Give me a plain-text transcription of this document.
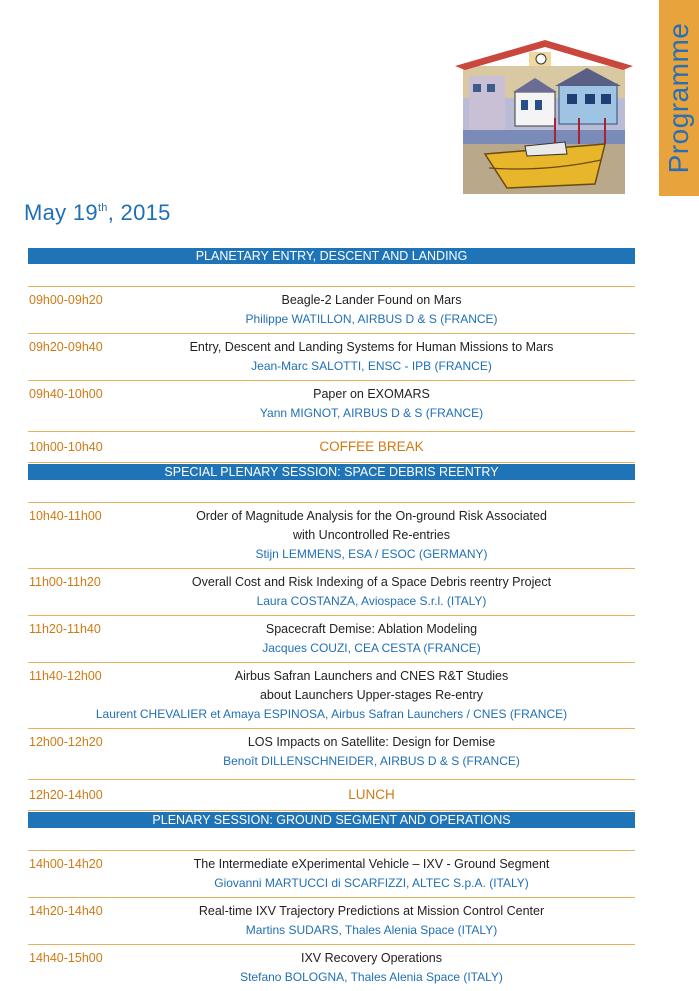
Programme
May 19th, 2015
PLANETARY ENTRY, DESCENT AND LANDING
09h00-09h20	Beagle-2 Lander Found on Mars
Philippe WATILLON, AIRBUS D & S (FRANCE)
09h20-09h40	Entry, Descent and Landing Systems for Human Missions to Mars
Jean-Marc SALOTTI, ENSC - IPB (FRANCE)
09h40-10h00	Paper on EXOMARS
Yann MIGNOT, AIRBUS D & S (FRANCE)
10h00-10h40	COFFEE BREAK
SPECIAL PLENARY SESSION: SPACE DEBRIS REENTRY
10h40-11h00	Order of Magnitude Analysis for the On-ground Risk Associated
with Uncontrolled Re-entries
Stijn LEMMENS, ESA / ESOC (GERMANY)
11h00-11h20	Overall Cost and Risk Indexing of a Space Debris reentry Project
Laura COSTANZA, Aviospace S.r.l. (ITALY)
11h20-11h40	Spacecraft Demise: Ablation Modeling
Jacques COUZI, CEA CESTA (FRANCE)
11h40-12h00	Airbus Safran Launchers and CNES R&T Studies
about Launchers Upper-stages Re-entry
Laurent CHEVALIER et Amaya ESPINOSA, Airbus Safran Launchers / CNES (FRANCE)
12h00-12h20	LOS Impacts on Satellite: Design for Demise
Benoît DILLENSCHNEIDER, AIRBUS D & S (FRANCE)
12h20-14h00	LUNCH
PLENARY SESSION: GROUND SEGMENT AND OPERATIONS
14h00-14h20	The Intermediate eXperimental Vehicle – IXV - Ground Segment
Giovanni MARTUCCI di SCARFIZZI, ALTEC S.p.A. (ITALY)
14h20-14h40	Real-time IXV Trajectory Predictions at Mission Control Center
Martins SUDARS, Thales Alenia Space (ITALY)
14h40-15h00	IXV Recovery Operations
Stefano BOLOGNA, Thales Alenia Space (ITALY)
